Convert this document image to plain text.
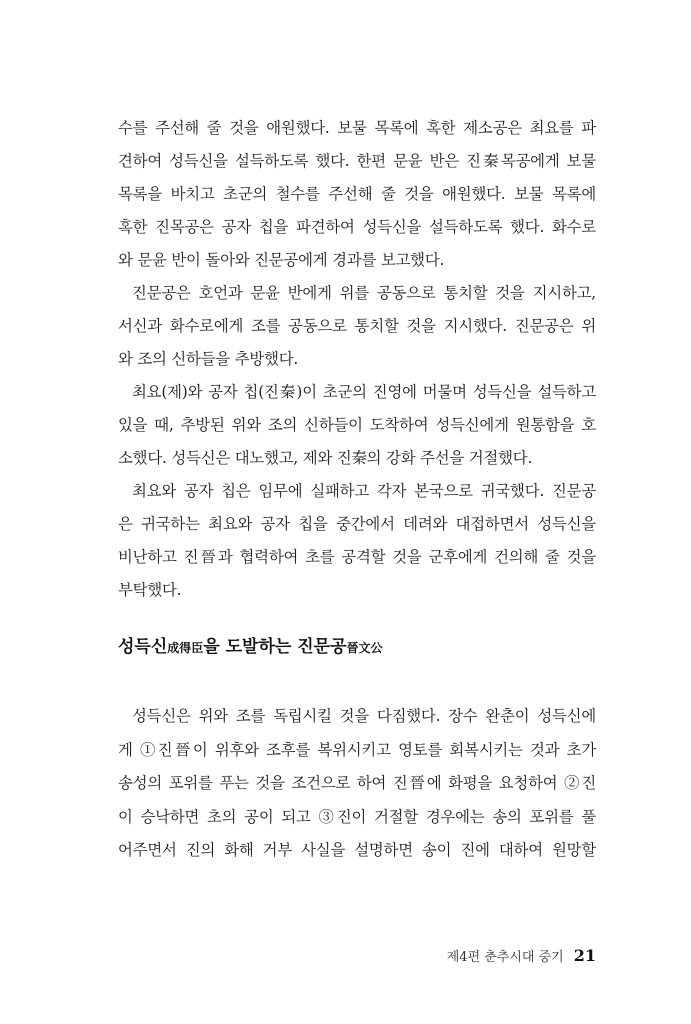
수를 주선해 줄 것을 애원했다. 보물 목록에 혹한 제소공은 최요를 파
견하여 성득신을 설득하도록 했다. 한편 문윤 반은 진秦목공에게 보물
목록을 바치고 초군의 철수를 주선해 줄 것을 애원했다. 보물 목록에
혹한 진목공은 공자 칩을 파견하여 성득신을 설득하도록 했다. 화수로
와 문윤 반이 돌아와 진문공에게 경과를 보고했다.
진문공은 호언과 문윤 반에게 위를 공동으로 통치할 것을 지시하고,
서신과 화수로에게 조를 공동으로 통치할 것을 지시했다. 진문공은 위
와 조의 신하들을 추방했다.
최요(제)와 공자 칩(진秦)이 초군의 진영에 머물며 성득신을 설득하고
있을 때, 추방된 위와 조의 신하들이 도착하여 성득신에게 원통함을 호
소했다. 성득신은 대노했고, 제와 진秦의 강화 주선을 거절했다.
최요와 공자 칩은 임무에 실패하고 각자 본국으로 귀국했다. 진문공
은 귀국하는 최요와 공자 칩을 중간에서 데려와 대접하면서 성득신을
비난하고 진晉과 협력하여 초를 공격할 것을 군후에게 건의해 줄 것을
부탁했다.
성득신成得臣을 도발하는 진문공晉文公
성득신은 위와 조를 독립시킬 것을 다짐했다. 장수 완춘이 성득신에
게 ①진晉이 위후와 조후를 복위시키고 영토를 회복시키는 것과 초가
송성의 포위를 푸는 것을 조건으로 하여 진晉에 화평을 요청하여 ②진
이 승낙하면 초의 공이 되고 ③진이 거절할 경우에는 송의 포위를 풀
어주면서 진의 화해 거부 사실을 설명하면 송이 진에 대하여 원망할
제4편 춘추시대 중기 21
